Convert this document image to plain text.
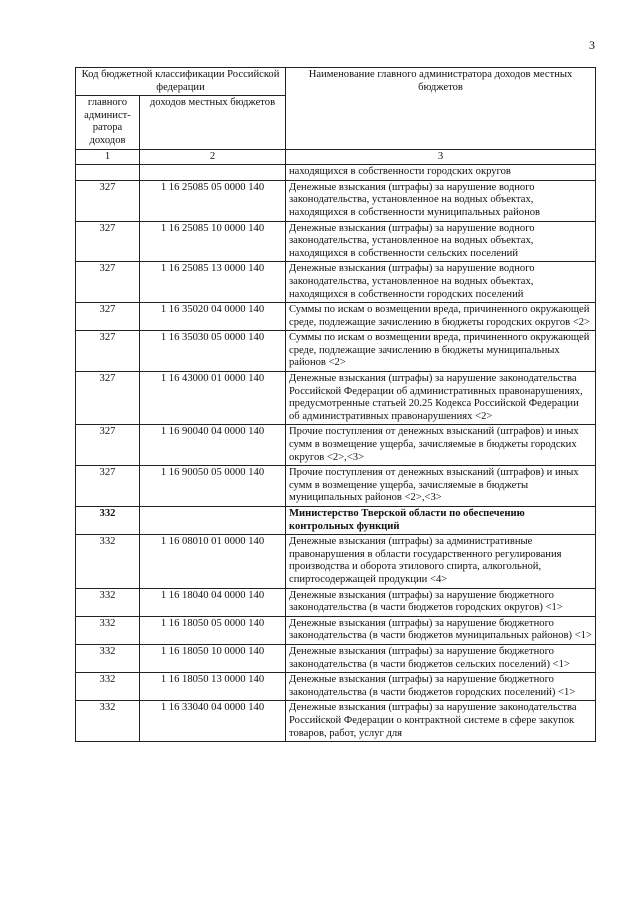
3
Код бюджетной классификации Российской федерации		Наименование главного администратора доходов местных бюджетов
главного админист-ратора доходов	доходов местных бюджетов	
1	2	3
		находящихся в собственности городских округов
327	1 16 25085 05 0000 140	Денежные взыскания (штрафы) за нарушение водного законодательства, установленное на водных объектах, находящихся в собственности муниципальных районов
327	1 16 25085 10 0000 140	Денежные взыскания (штрафы) за нарушение водного законодательства, установленное на водных объектах, находящихся в собственности сельских поселений
327	1 16 25085 13 0000 140	Денежные взыскания (штрафы) за нарушение водного законодательства, установленное на водных объектах, находящихся в собственности городских поселений
327	1 16 35020 04 0000 140	Суммы по искам о возмещении вреда, причиненного окружающей среде, подлежащие зачислению в бюджеты городских округов <2>
327	1 16 35030 05 0000 140	Суммы по искам о возмещении вреда, причиненного окружающей среде, подлежащие зачислению в бюджеты муниципальных районов <2>
327	1 16 43000 01 0000 140	Денежные взыскания (штрафы) за нарушение законодательства Российской Федерации об административных правонарушениях, предусмотренные статьей 20.25 Кодекса Российской Федерации об административных правонарушениях <2>
327	1 16 90040 04 0000 140	Прочие поступления от денежных взысканий (штрафов) и иных сумм в возмещение ущерба, зачисляемые в бюджеты городских округов <2>,<3>
327	1 16 90050 05 0000 140	Прочие поступления от денежных взысканий (штрафов) и иных сумм в возмещение ущерба, зачисляемые в бюджеты муниципальных районов <2>,<3>
332		Министерство Тверской области по обеспечению контрольных функций
332	1 16 08010 01 0000 140	Денежные взыскания (штрафы) за административные правонарушения в области государственного регулирования производства и оборота этилового спирта, алкогольной, спиртосодержащей продукции <4>
332	1 16 18040 04 0000 140	Денежные взыскания (штрафы) за нарушение бюджетного законодательства (в части бюджетов городских округов) <1>
332	1 16 18050 05 0000 140	Денежные взыскания (штрафы) за нарушение бюджетного законодательства (в части бюджетов муниципальных районов) <1>
332	1 16 18050 10 0000 140	Денежные взыскания (штрафы) за нарушение бюджетного законодательства (в части бюджетов сельских поселений) <1>
332	1 16 18050 13 0000 140	Денежные взыскания (штрафы) за нарушение бюджетного законодательства (в части бюджетов городских поселений) <1>
332	1 16 33040 04 0000 140	Денежные взыскания (штрафы) за нарушение законодательства Российской Федерации о контрактной системе в сфере закупок товаров, работ, услуг для
